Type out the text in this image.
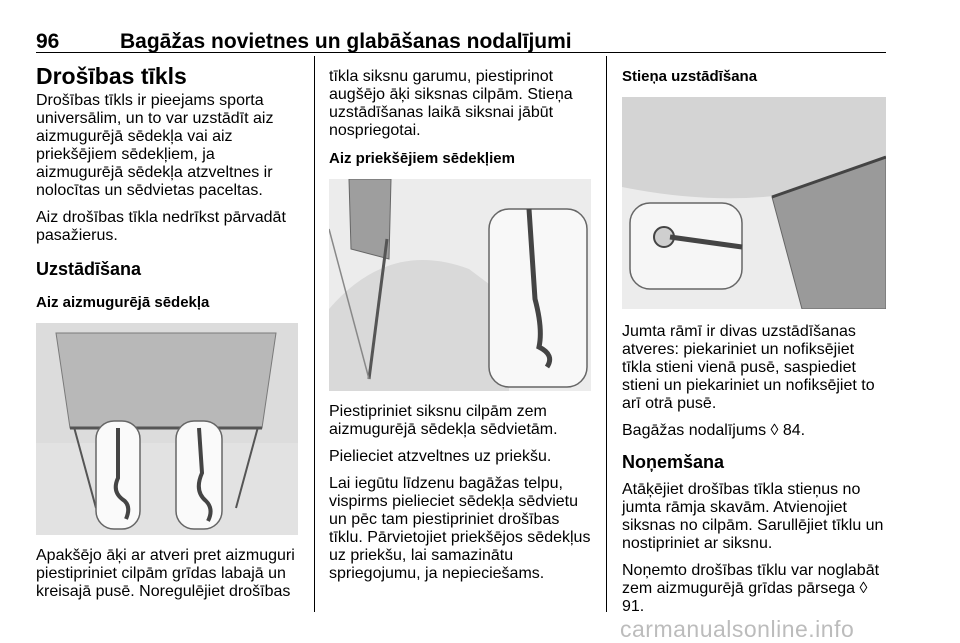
96	Bagāžas novietnes un glabāšanas nodalījumi
Drošības tīkls

Drošības tīkls ir pieejams sporta universālim, un to var uzstādīt aiz aizmugurējā sēdekļa vai aiz priekšējiem sēdekļiem, ja aizmugurējā sēdekļa atzveltnes ir nolocītas un sēdvietas paceltas.

Aiz drošības tīkla nedrīkst pārvadāt pasažierus.

Uzstādīšana
Aiz aizmugurējā sēdekļa

Apakšējo āķi ar atveri pret aizmuguri piestipriniet cilpām grīdas labajā un kreisajā pusē. Noregulējiet drošības

tīkla siksnu garumu, piestiprinot augšējo āķi siksnas cilpām. Stieņa uzstādīšanas laikā siksnai jābūt nospriegotai.

Aiz priekšējiem sēdekļiem

Piestipriniet siksnu cilpām zem aizmugurējā sēdekļa sēdvietām.

Pielieciet atzveltnes uz priekšu.

Lai iegūtu līdzenu bagāžas telpu, vispirms pielieciet sēdekļa sēdvietu un pēc tam piestipriniet drošības tīklu. Pārvietojiet priekšējos sēdekļus uz priekšu, lai samazinātu spriegojumu, ja nepieciešams.

Stieņa uzstādīšana

Jumta rāmī ir divas uzstādīšanas atveres: piekariniet un nofiksējiet tīkla stieni vienā pusē, saspiediet stieni un piekariniet un nofiksējiet to arī otrā pusē.

Bagāžas nodalījums ◊ 84.

Noņemšana

Atāķējiet drošības tīkla stieņus no jumta rāmja skavām. Atvienojiet siksnas no cilpām. Sarullējiet tīklu un nostipriniet ar siksnu.

Noņemto drošības tīklu var noglabāt zem aizmugurējā grīdas pārsega ◊ 91.

carmanualsonline.info
